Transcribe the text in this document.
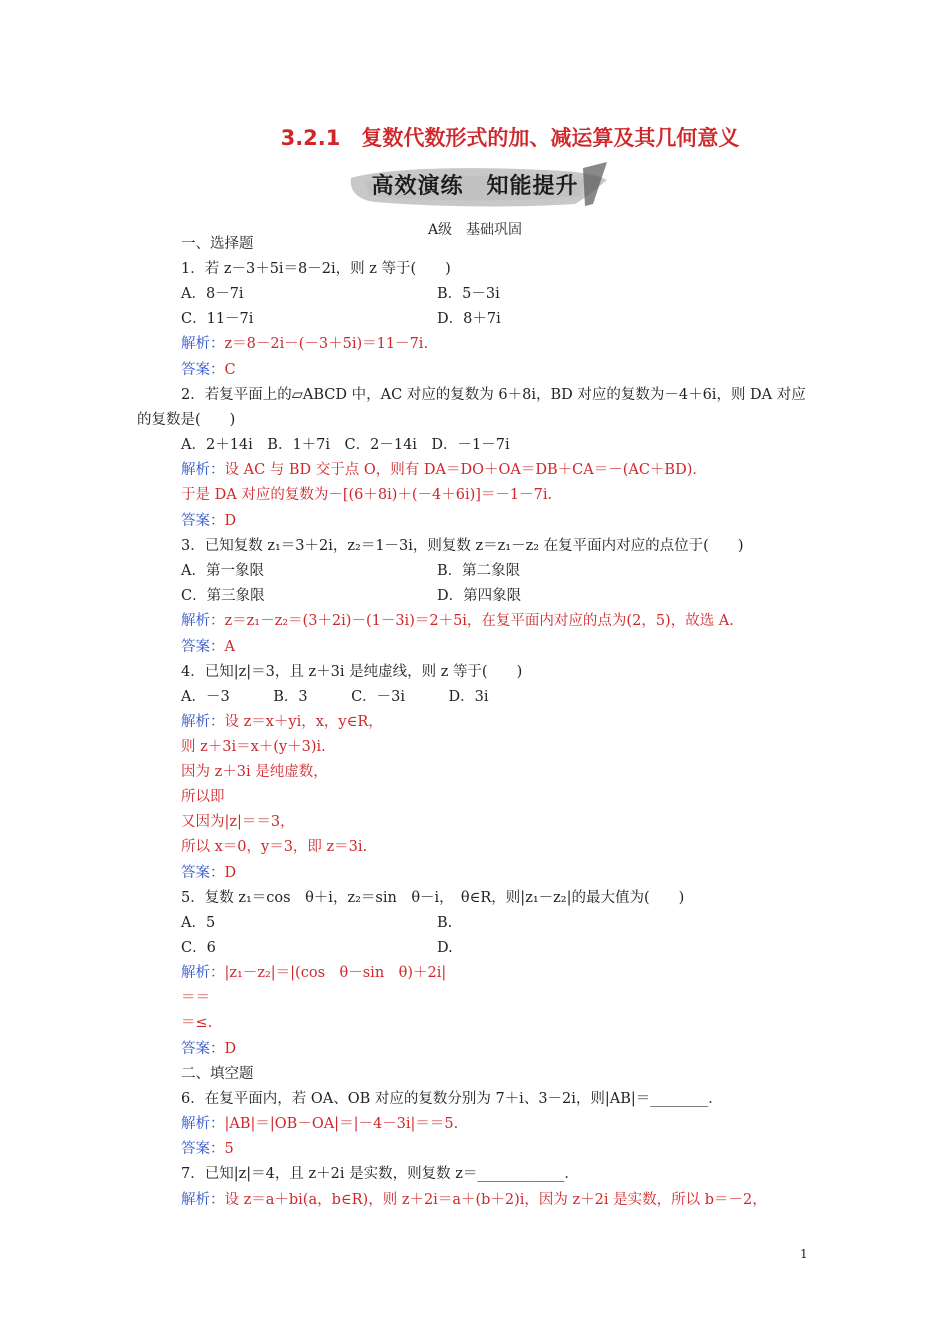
3.2.1　复数代数形式的加、减运算及其几何意义
高效演练　知能提升
A级　基础巩固
一、选择题
1．若 z－3＋5i＝8－2i，则 z 等于(　　)
2．若复平面上的▱ABCD 中，AC 对应的复数为 6＋8i，BD 对应的复数为－4＋6i，则 DA 对应
的复数是(　　)
A．2＋14i　B．1＋7i　C．2－14i　D．－1－7i
3．已知复数 z₁＝3＋2i，z₂＝1－3i，则复数 z＝z₁－z₂ 在复平面内对应的点位于(　　)
4．已知|z|＝3，且 z＋3i 是纯虚线，则 z 等于(　　)
A．－3　　　B．3　　　C．－3i　　　D．3i
5．复数 z₁＝cos　θ＋i，z₂＝sin　θ－i，　θ∈R，则|z₁－z₂|的最大值为(　　)
二、填空题
6．在复平面内，若 OA、OB 对应的复数分别为 7＋i、3－2i，则|AB|＝________．
7．已知|z|＝4，且 z＋2i 是实数，则复数 z＝____________．
A．8－7i	B．5－3i
C．11－7i	D．8＋7i
A．第一象限	B．第二象限
C．第三象限	D．第四象限
A．5	B.
C．6	D.
解析：z＝8－2i－(－3＋5i)＝11－7i.
答案：C
解析：设 AC 与 BD 交于点 O，则有 DA＝DO＋OA＝DB＋CA＝－(AC＋BD)．
于是 DA 对应的复数为－[(6＋8i)＋(－4＋6i)]＝－1－7i.
答案：D
解析：z＝z₁－z₂＝(3＋2i)－(1－3i)＝2＋5i，在复平面内对应的点为(2，5)，故选 A.
答案：A
解析：设 z＝x＋yi，x，y∈R，
则 z＋3i＝x＋(y＋3)i.
因为 z＋3i 是纯虚数，
所以即
又因为|z|＝＝3，
所以 x＝0，y＝3，即 z＝3i.
答案：D
解析：|z₁－z₂|＝|(cos　θ－sin　θ)＋2i|
＝＝
＝≤.
答案：D
解析：|AB|＝|OB－OA|＝|－4－3i|＝＝5.
答案：5
解析：设 z＝a＋bi(a，b∈R)，则 z＋2i＝a＋(b＋2)i，因为 z＋2i 是实数，所以 b＝－2，
1
